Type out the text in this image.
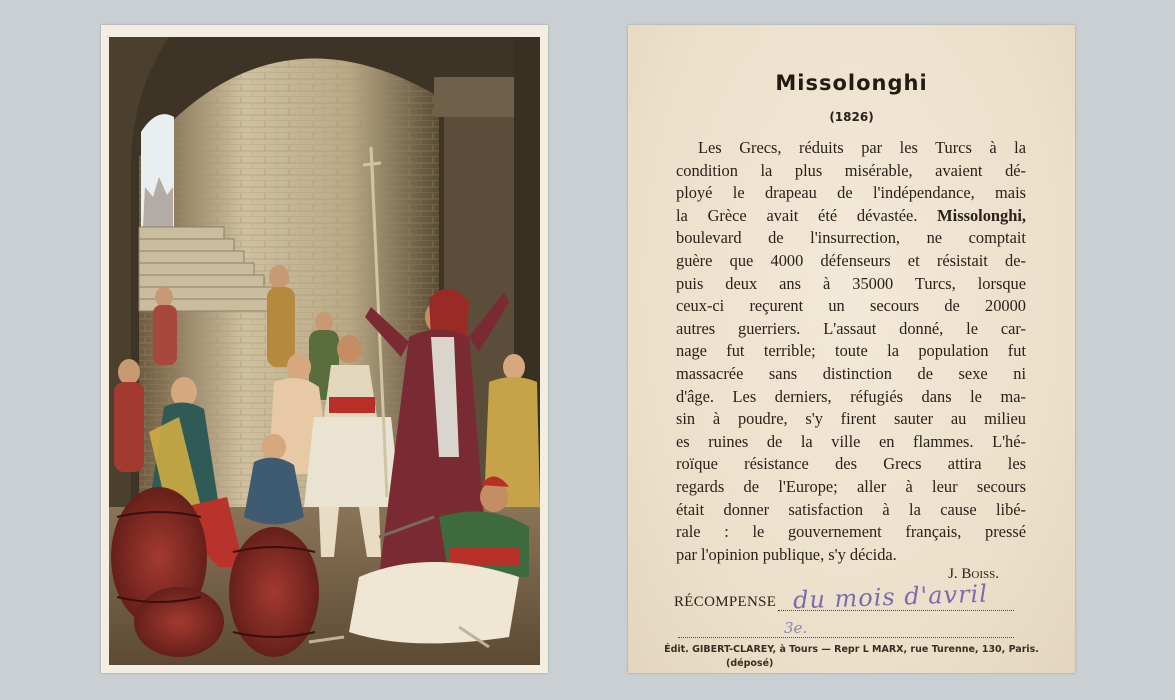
Missolonghi
(1826)
Les Grecs, réduits par les Turcs à la
condition la plus misérable, avaient dé-
ployé le drapeau de l'indépendance, mais
la Grèce avait été dévastée. Missolonghi,
boulevard de l'insurrection, ne comptait
guère que 4000 défenseurs et résistait de-
puis deux ans à 35000 Turcs, lorsque
ceux-ci reçurent un secours de 20000
autres guerriers. L'assaut donné, le car-
nage fut terrible; toute la population fut
massacrée sans distinction de sexe ni
d'âge. Les derniers, réfugiés dans le ma-
sin à poudre, s'y firent sauter au milieu
es ruines de la ville en flammes. L'hé-
roïque résistance des Grecs attira les
regards de l'Europe; aller à leur secours
était donner satisfaction à la cause libé-
rale : le gouvernement français, pressé
par l'opinion publique, s'y décida.
J. Boiss.
RÉCOMPENSE du mois d'avril
3e.
Édit. GIBERT-CLAREY, à Tours — Repr L MARX, rue Turenne, 130, Paris.
(déposé)
